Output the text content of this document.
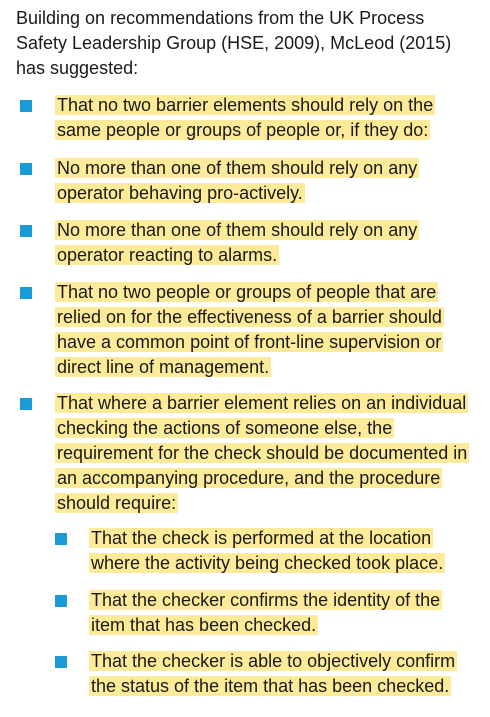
Building on recommendations from the UK Process Safety Leadership Group (HSE, 2009), McLeod (2015) has suggested:

That no two barrier elements should rely on the same people or groups of people or, if they do:

No more than one of them should rely on any operator behaving pro-actively.

No more than one of them should rely on any operator reacting to alarms.

That no two people or groups of people that are relied on for the effectiveness of a barrier should have a common point of front-line supervision or direct line of management.

That where a barrier element relies on an individual checking the actions of someone else, the requirement for the check should be documented in an accompanying procedure, and the procedure should require:

That the check is performed at the location where the activity being checked took place.

That the checker confirms the identity of the item that has been checked.

That the checker is able to objectively confirm the status of the item that has been checked.
